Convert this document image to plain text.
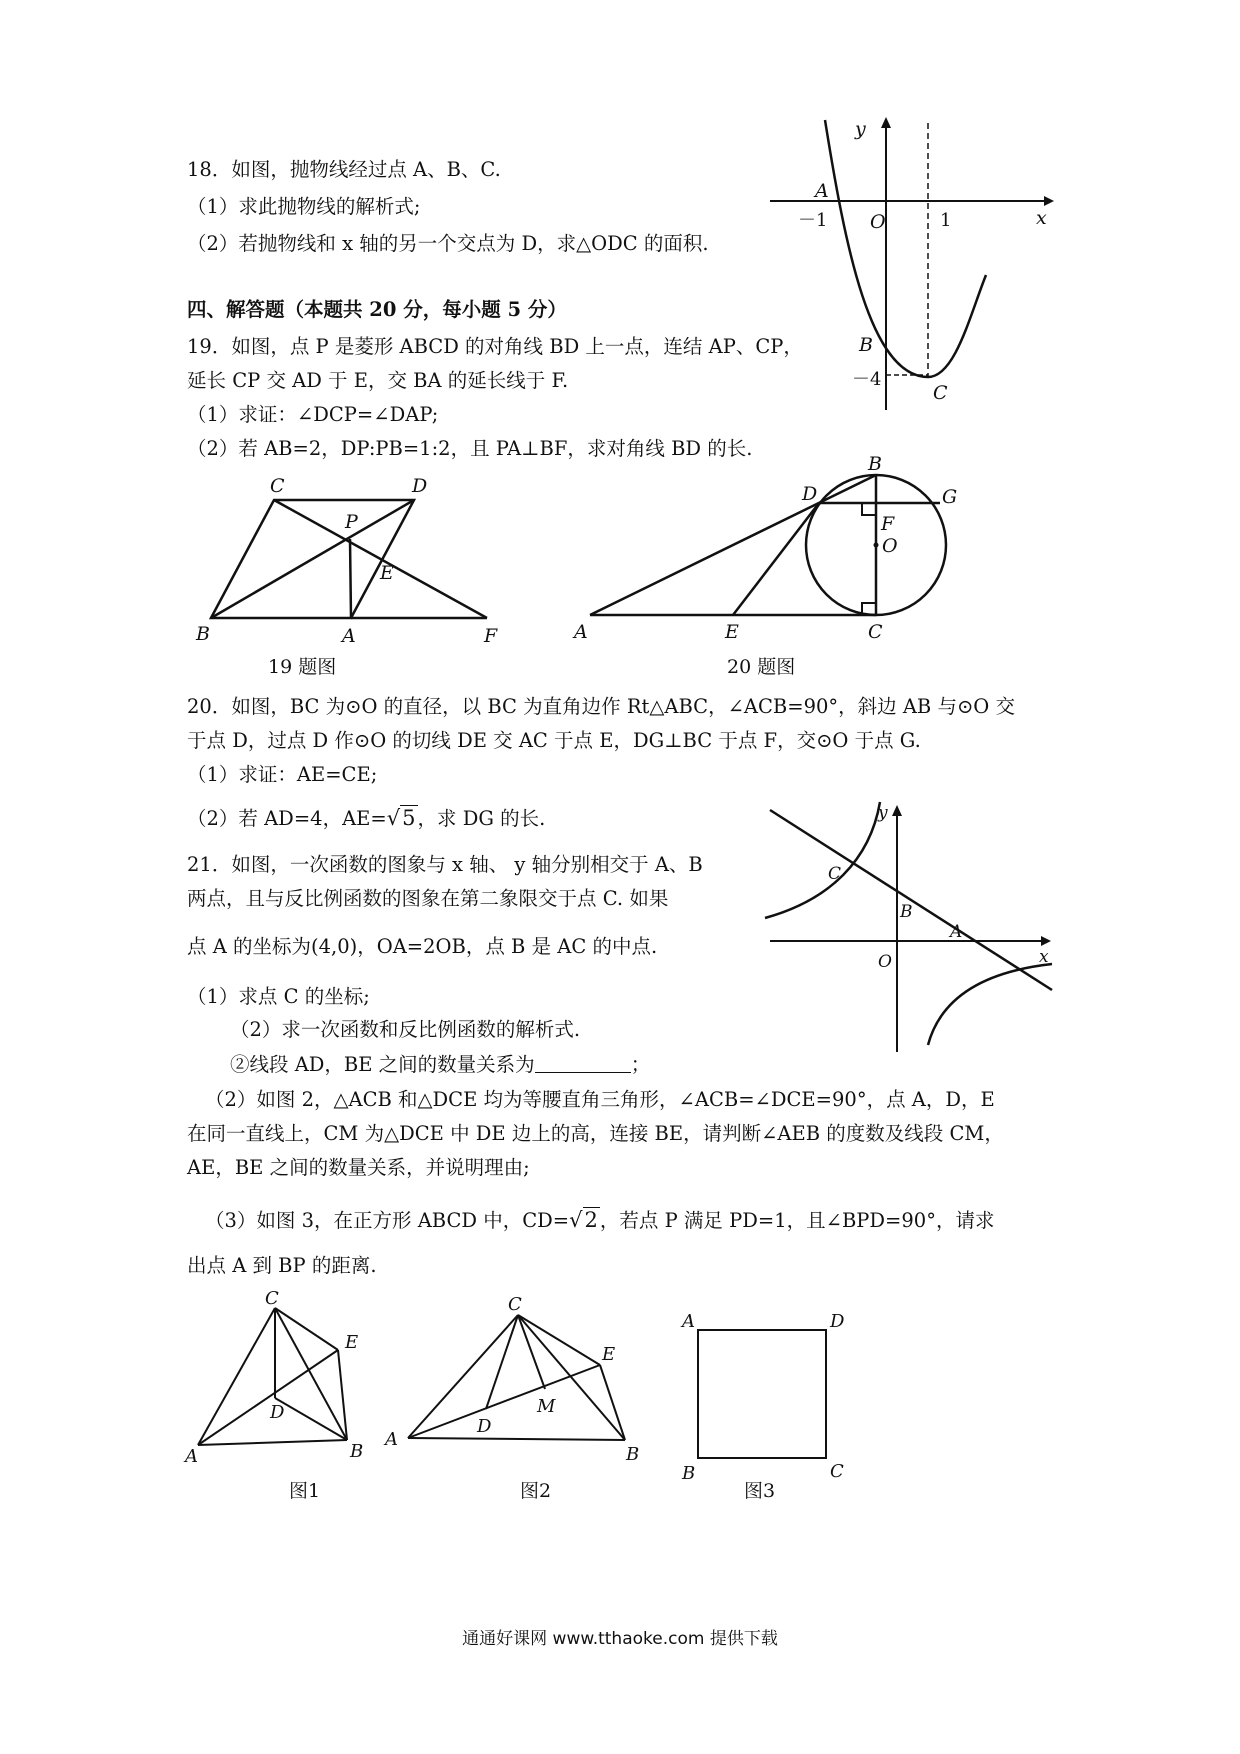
18．如图，抛物线经过点 A、B、C.
（1）求此抛物线的解析式;
（2）若抛物线和 x 轴的另一个交点为 D，求△ODC 的面积.
四、解答题（本题共 20 分，每小题 5 分）
y
x
A
－1 O	1
B
－4
C
19．如图，点 P 是菱形 ABCD 的对角线 BD 上一点，连结 AP、CP，
延长 CP 交 AD 于 E，交 BA 的延长线于 F.
（1）求证：∠DCP=∠DAP;
（2）若 AB=2，DP:PB=1:2，且 PA⊥BF，求对角线 BD 的长.
C	D
P
E
B	A	F
19 题图
B
D	G
F
O
A	E	C
20 题图
20．如图，BC 为⊙O 的直径，以 BC 为直角边作 Rt△ABC，∠ACB=90°，斜边 AB 与⊙O 交
于点 D，过点 D 作⊙O 的切线 DE 交 AC 于点 E，DG⊥BC 于点 F，交⊙O 于点 G.
（1）求证：AE=CE;
（2）若 AD=4，AE=√5 ，求 DG 的长.
21．如图，一次函数的图象与 x 轴、 y 轴分别相交于 A、B
两点，且与反比例函数的图象在第二象限交于点 C. 如果
点 A 的坐标为(4,0)，OA=2OB，点 B 是 AC 的中点.
（1）求点 C 的坐标;
（2）求一次函数和反比例函数的解析式.
y
x
C
B
A
O
②线段 AD，BE 之间的数量关系为	；
（2）如图 2，△ACB 和△DCE 均为等腰直角三角形，∠ACB=∠DCE=90°，点 A，D，E
在同一直线上，CM 为△DCE 中 DE 边上的高，连接 BE，请判断∠AEB 的度数及线段 CM，
AE，BE 之间的数量关系，并说明理由;
（3）如图 3，在正方形 ABCD 中，CD=√2 ，若点 P 满足 PD=1，且∠BPD=90°，请求
出点 A 到 BP 的距离.
C
E
D
A	B
图1
C
E
M
D
A
B
图2
A	D
B	C
图3
通通好课网 www.tthaoke.com 提供下载
